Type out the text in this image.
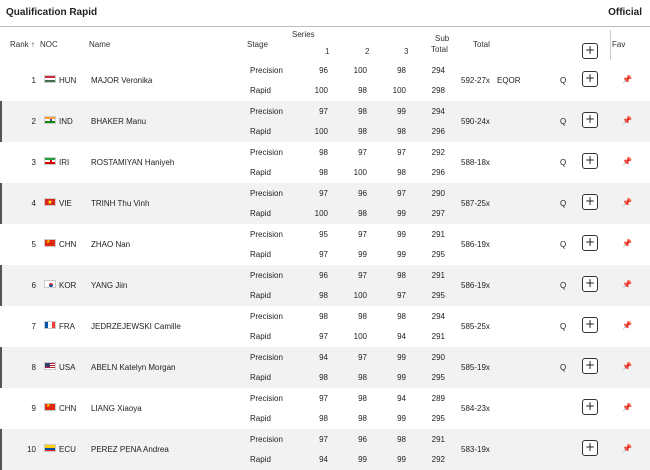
Qualification Rapid	Official
Rank ↑ NOC	Name	Stage
Series
1	2	3
Sub
Total
Total	+	Fav
1	HUN MAJOR Veronika
Precision	96	100	98	294
Rapid	100	98	100	298
592-27x EQOR	Q +	📌
2	IND BHAKER Manu
Precision	97	98	99	294
Rapid	100	98	98	296
590-24x	Q +	📌
3	IRI	ROSTAMIYAN Haniyeh
Precision	98	97	97	292
Rapid	98	100	98	296
588-18x	Q +	📌
4	★ VIE TRINH Thu Vinh
Precision	97	96	97	290
Rapid	100	98	99	297
587-25x	Q +	📌
5 ★	CHN ZHAO Nan
Precision	95	97	99	291
Rapid	97	99	99	295
586-19x	Q +	📌
6	KOR YANG Jiin
Precision	96	97	98	291
Rapid	98	100	97	295
586-19x	Q +	📌
7	FRA JEDRZEJEWSKI Camille
Precision	98	98	98	294
Rapid	97	100	94	291
585-25x	Q +	📌
8	USA ABELN Katelyn Morgan
Precision	94	97	99	290
Rapid	98	98	99	295
585-19x	Q +	📌
9 ★	CHN LIANG Xiaoya
Precision	97	98	94	289
Rapid	98	98	99	295
584-23x	+	📌
10	ECU PEREZ PENA Andrea
Precision	97	96	98	291
Rapid	94	99	99	292
583-19x	+	📌
